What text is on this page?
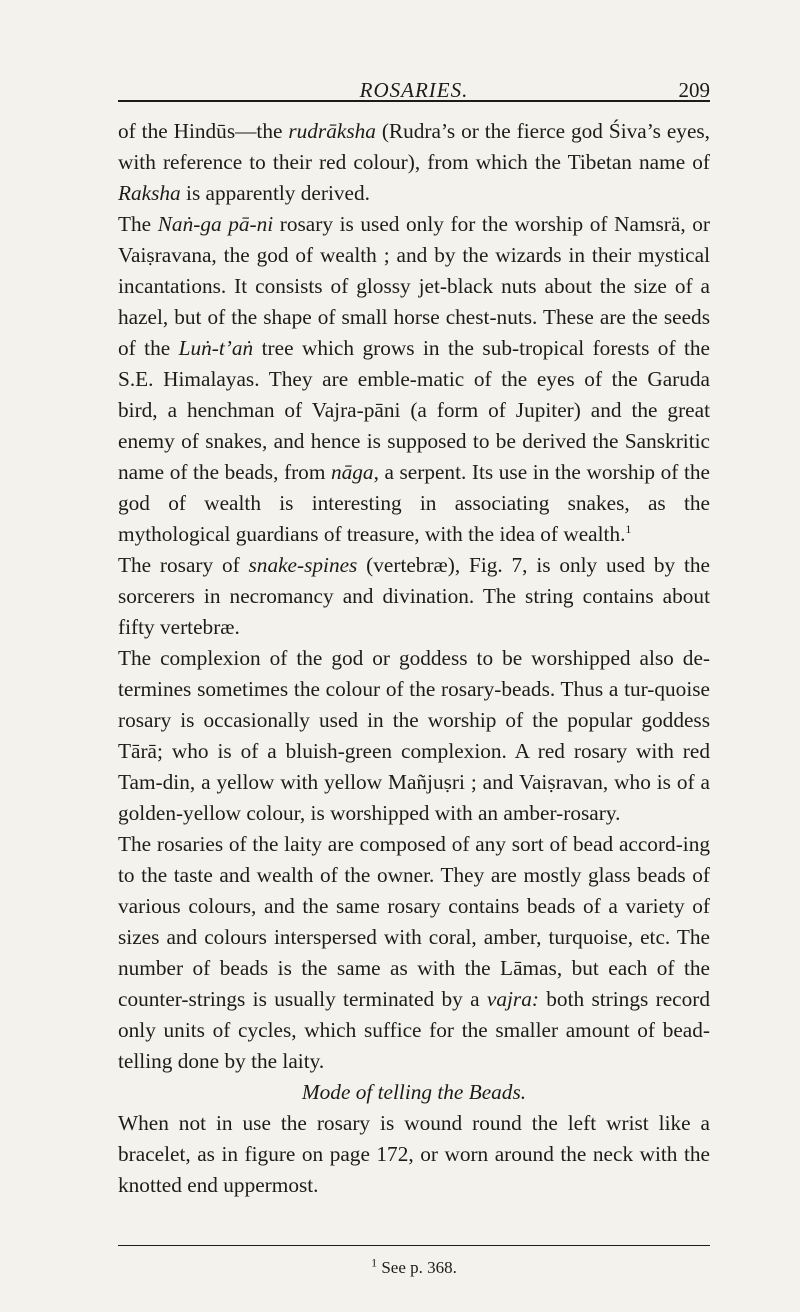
ROSARIES.	209

of the Hindūs—the rudrāksha (Rudra’s or the fierce god Śiva’s eyes, with reference to their red colour), from which the Tibetan name of Raksha is apparently derived.

The Naṅ-ga pā-ni rosary is used only for the worship of Namsrä, or Vaiṣravana, the god of wealth ; and by the wizards in their mystical incantations. It consists of glossy jet-black nuts about the size of a hazel, but of the shape of small horse chest-nuts. These are the seeds of the Luṅ-t’aṅ tree which grows in the sub-tropical forests of the S.E. Himalayas. They are emble-matic of the eyes of the Garuda bird, a henchman of Vajra-pāni (a form of Jupiter) and the great enemy of snakes, and hence is supposed to be derived the Sanskritic name of the beads, from nāga, a serpent. Its use in the worship of the god of wealth is interesting in associating snakes, as the mythological guardians of treasure, with the idea of wealth.$^1$

The rosary of snake-spines (vertebræ), Fig. 7, is only used by the sorcerers in necromancy and divination. The string contains about fifty vertebræ.

The complexion of the god or goddess to be worshipped also de-termines sometimes the colour of the rosary-beads. Thus a tur-quoise rosary is occasionally used in the worship of the popular goddess Tārā; who is of a bluish-green complexion. A red rosary with red Tam-din, a yellow with yellow Mañjuṣri ; and Vaiṣravan, who is of a golden-yellow colour, is worshipped with an amber-rosary.

The rosaries of the laity are composed of any sort of bead accord-ing to the taste and wealth of the owner. They are mostly glass beads of various colours, and the same rosary contains beads of a variety of sizes and colours interspersed with coral, amber, turquoise, etc. The number of beads is the same as with the Lāmas, but each of the counter-strings is usually terminated by a vajra: both strings record only units of cycles, which suffice for the smaller amount of bead-telling done by the laity.

Mode of telling the Beads.

When not in use the rosary is wound round the left wrist like a bracelet, as in figure on page 172, or worn around the neck with the knotted end uppermost.

$^1$ See p. 368.
